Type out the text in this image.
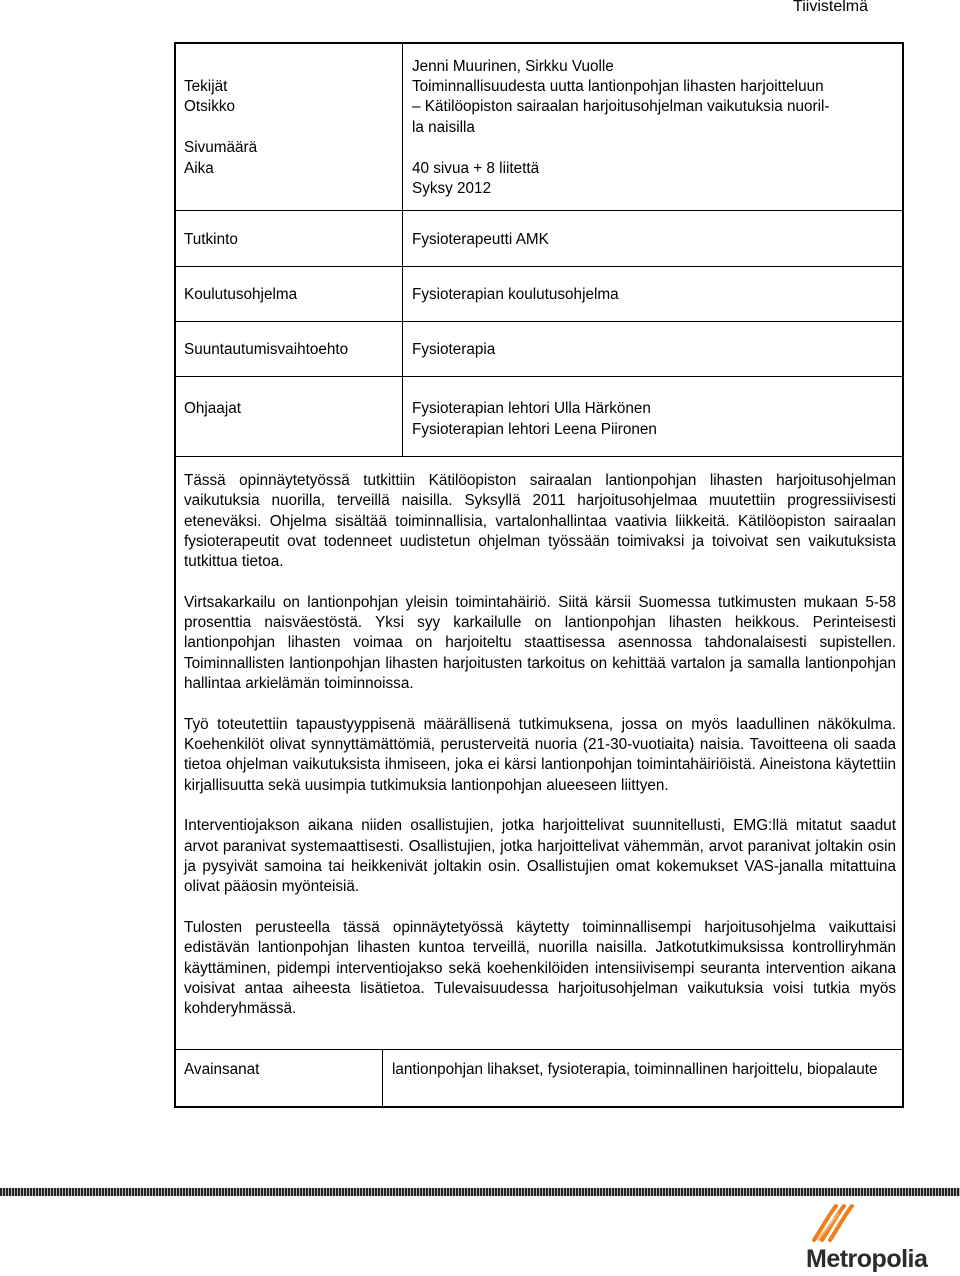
Tiivistelmä
Tekijät
Otsikko
Sivumäärä
Aika
Tutkinto
Koulutusohjelma
Suuntautumisvaihtoehto
Ohjaajat
Jenni Muurinen, Sirkku Vuolle
Toiminnallisuudesta uutta lantionpohjan lihasten harjoitteluun
– Kätilöopiston sairaalan harjoitusohjelman vaikutuksia nuoril-
la naisilla
40 sivua + 8 liitettä
Syksy 2012
Fysioterapeutti AMK
Fysioterapian koulutusohjelma
Fysioterapia
Fysioterapian lehtori Ulla Härkönen
Fysioterapian lehtori Leena Piironen

Tässä opinnäytetyössä tutkittiin Kätilöopiston sairaalan lantionpohjan lihasten harjoitusohjelman vaikutuksia nuorilla, terveillä naisilla. Syksyllä 2011 harjoitusohjelmaa muutettiin progressiivisesti eteneväksi. Ohjelma sisältää toiminnallisia, vartalonhallintaa vaativia liikkeitä. Kätilöopiston sairaalan fysioterapeutit ovat todenneet uudistetun ohjelman työssään toimivaksi ja toivoivat sen vaikutuksista tutkittua tietoa.

Virtsakarkailu on lantionpohjan yleisin toimintahäiriö. Siitä kärsii Suomessa tutkimusten mukaan 5-58 prosenttia naisväestöstä. Yksi syy karkailulle on lantionpohjan lihasten heikkous. Perinteisesti lantionpohjan lihasten voimaa on harjoiteltu staattisessa asennossa tahdonalaisesti supistellen. Toiminnallisten lantionpohjan lihasten harjoitusten tarkoitus on kehittää vartalon ja samalla lantionpohjan hallintaa arkielämän toiminnoissa.

Työ toteutettiin tapaustyyppisenä määrällisenä tutkimuksena, jossa on myös laadullinen näkökulma. Koehenkilöt olivat synnyttämättömiä, perusterveitä nuoria (21-30-vuotiaita) naisia. Tavoitteena oli saada tietoa ohjelman vaikutuksista ihmiseen, joka ei kärsi lantionpohjan toimintahäiriöistä. Aineistona käytettiin kirjallisuutta sekä uusimpia tutkimuksia lantionpohjan alueeseen liittyen.

Interventiojakson aikana niiden osallistujien, jotka harjoittelivat suunnitellusti, EMG:llä mitatut saadut arvot paranivat systemaattisesti. Osallistujien, jotka harjoittelivat vähemmän, arvot paranivat joltakin osin ja pysyivät samoina tai heikkenivät joltakin osin. Osallistujien omat kokemukset VAS-janalla mitattuina olivat pääosin myönteisiä.

Tulosten perusteella tässä opinnäytetyössä käytetty toiminnallisempi harjoitusohjelma vaikuttaisi edistävän lantionpohjan lihasten kuntoa terveillä, nuorilla naisilla. Jatkotutkimuksissa kontrolliryhmän käyttäminen, pidempi interventiojakso sekä koehenkilöiden intensiivisempi seuranta intervention aikana voisivat antaa aiheesta lisätietoa. Tulevaisuudessa harjoitusohjelman vaikutuksia voisi tutkia myös kohderyhmässä.

Avainsanat	lantionpohjan lihakset, fysioterapia, toiminnallinen harjoittelu, biopalaute
Metropolia
